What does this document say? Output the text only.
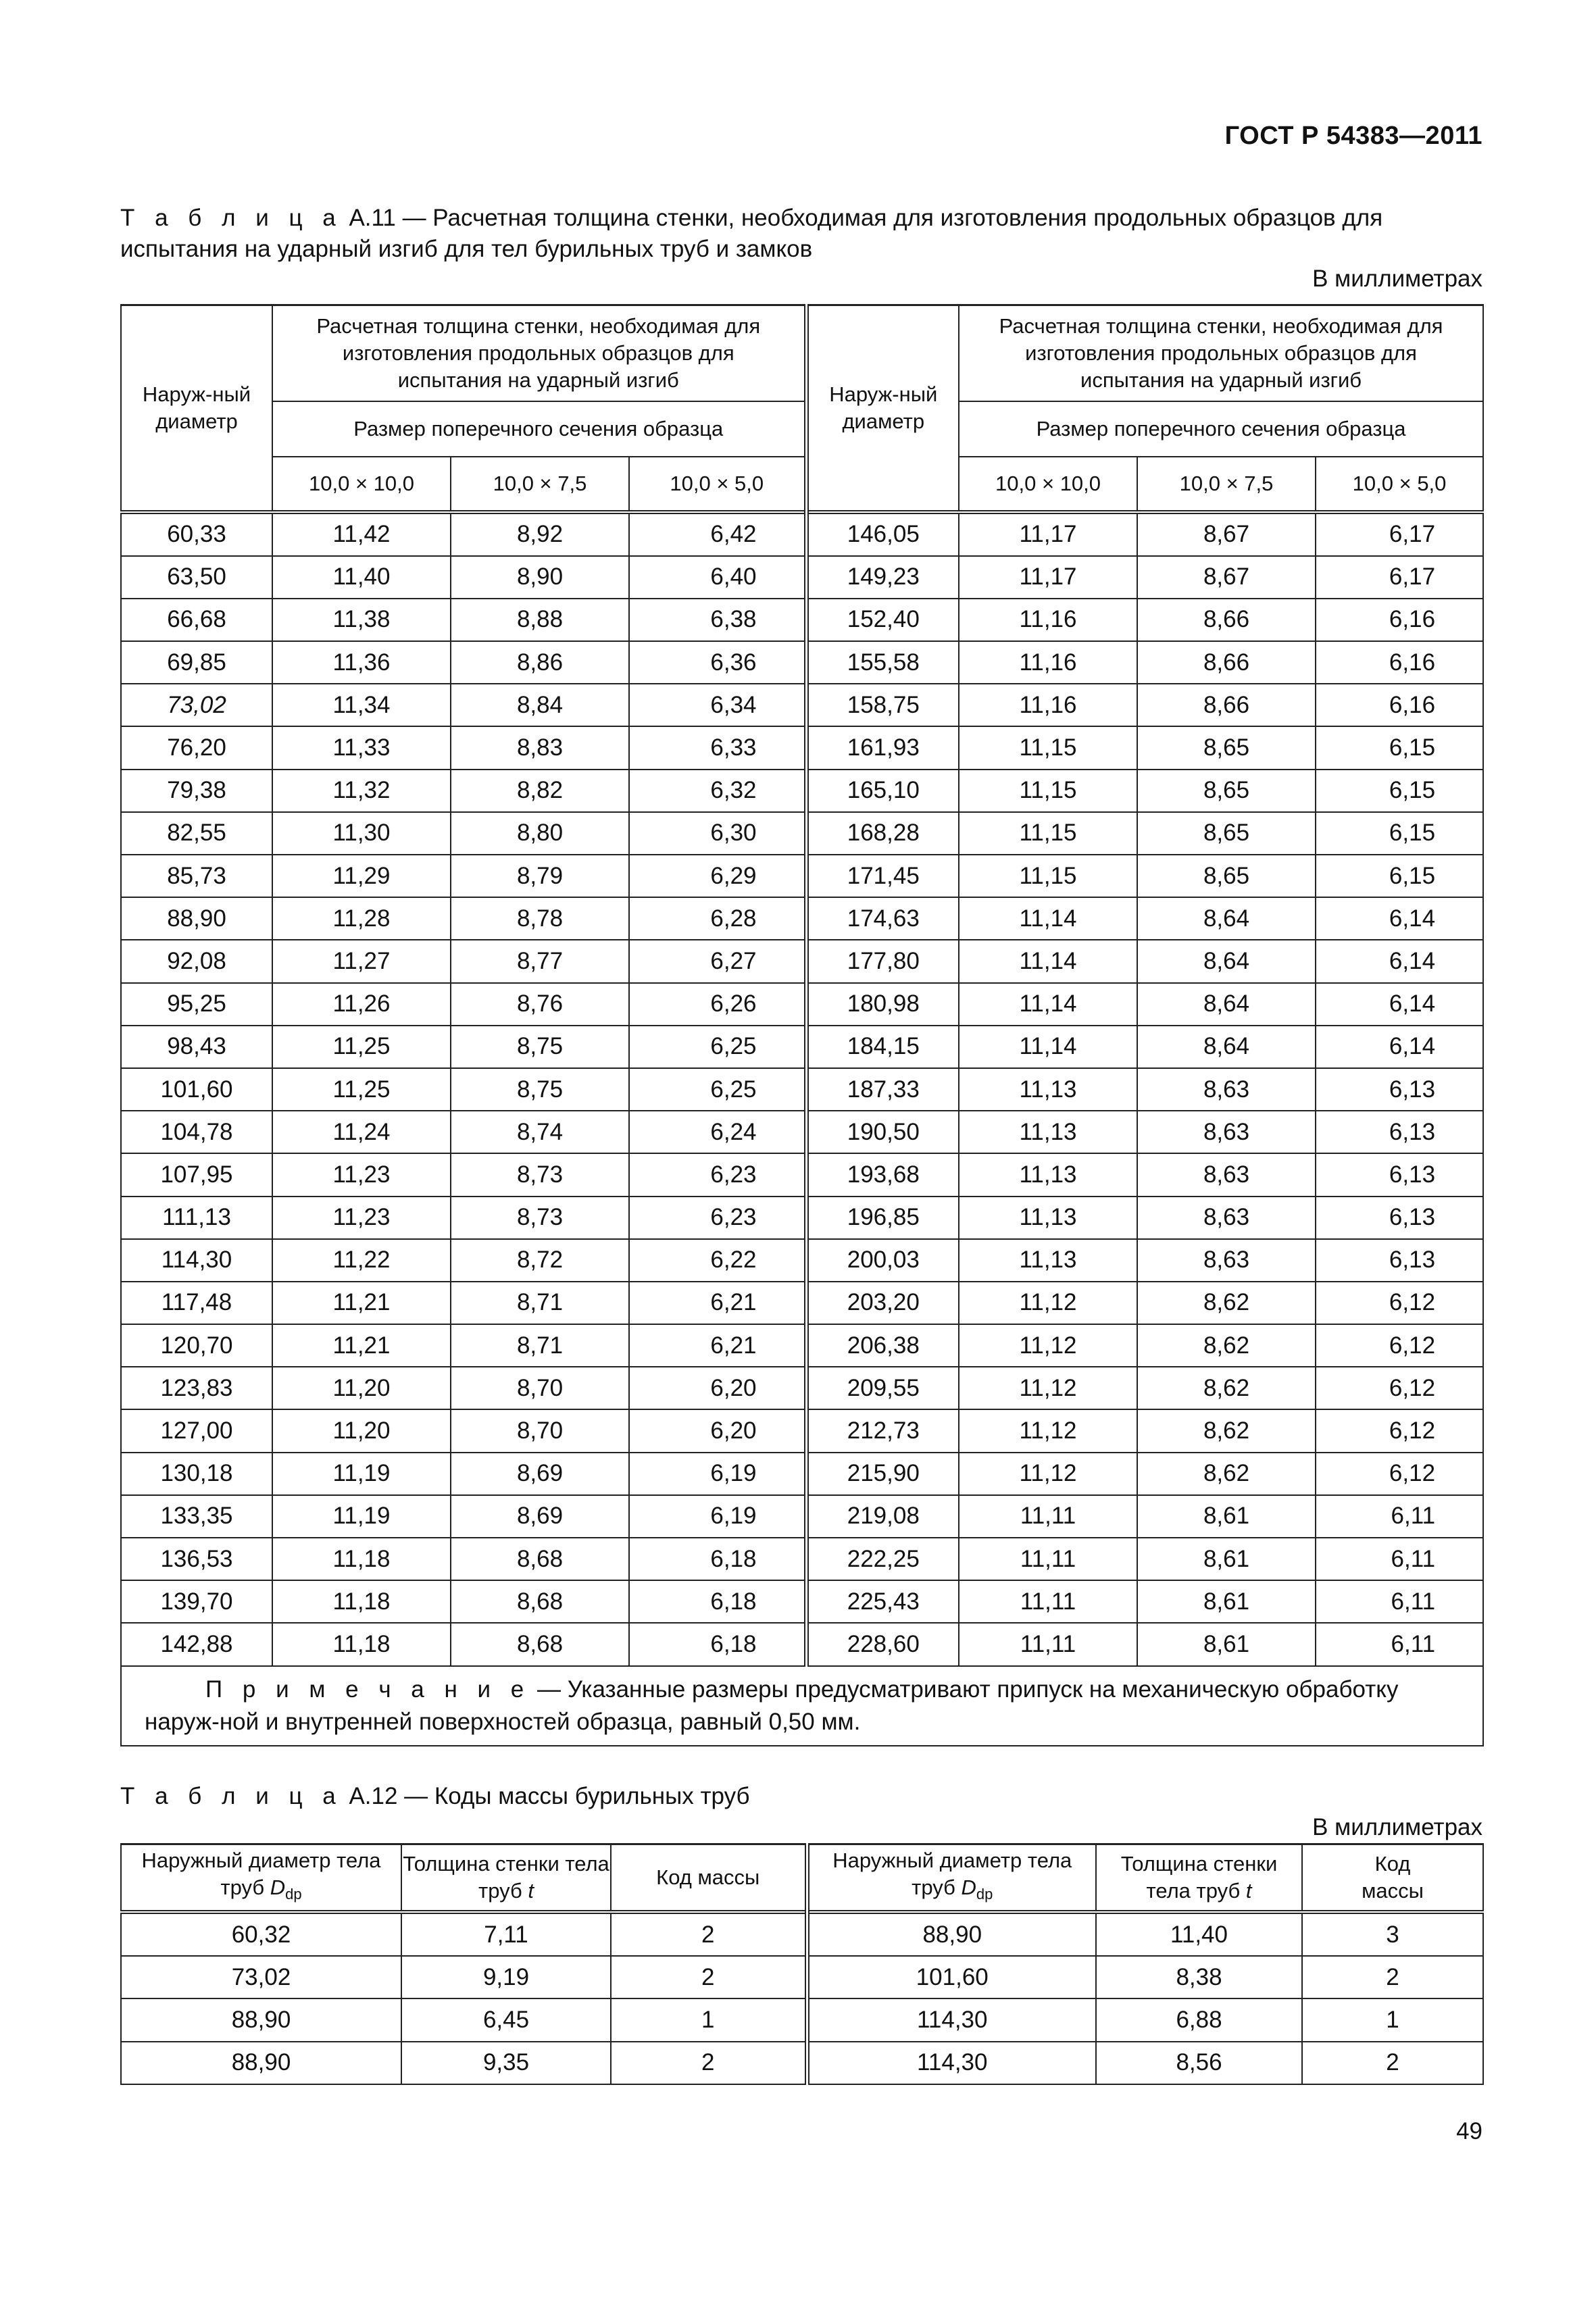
ГОСТ Р 54383—2011
Т а б л и ц а А.11 — Расчетная толщина стенки, необходимая для изготовления продольных образцов для испытания на ударный изгиб для тел бурильных труб и замков
В миллиметрах
Наруж-ный диаметр	Расчетная толщина стенки, необходимая для изготовления продольных образцов для испытания на ударный изгиб			Наруж-ный диаметр	Расчетная толщина стенки, необходимая для изготовления продольных образцов для испытания на ударный изгиб		
	Размер поперечного сечения образца				Размер поперечного сечения образца		
	10,0 × 10,0	10,0 × 7,5	10,0 × 5,0		10,0 × 10,0	10,0 × 7,5	10,0 × 5,0
60,33	11,42	8,92	6,42	146,05	11,17	8,67	6,17
63,50	11,40	8,90	6,40	149,23	11,17	8,67	6,17
66,68	11,38	8,88	6,38	152,40	11,16	8,66	6,16
69,85	11,36	8,86	6,36	155,58	11,16	8,66	6,16
73,02	11,34	8,84	6,34	158,75	11,16	8,66	6,16
76,20	11,33	8,83	6,33	161,93	11,15	8,65	6,15
79,38	11,32	8,82	6,32	165,10	11,15	8,65	6,15
82,55	11,30	8,80	6,30	168,28	11,15	8,65	6,15
85,73	11,29	8,79	6,29	171,45	11,15	8,65	6,15
88,90	11,28	8,78	6,28	174,63	11,14	8,64	6,14
92,08	11,27	8,77	6,27	177,80	11,14	8,64	6,14
95,25	11,26	8,76	6,26	180,98	11,14	8,64	6,14
98,43	11,25	8,75	6,25	184,15	11,14	8,64	6,14
101,60	11,25	8,75	6,25	187,33	11,13	8,63	6,13
104,78	11,24	8,74	6,24	190,50	11,13	8,63	6,13
107,95	11,23	8,73	6,23	193,68	11,13	8,63	6,13
111,13	11,23	8,73	6,23	196,85	11,13	8,63	6,13
114,30	11,22	8,72	6,22	200,03	11,13	8,63	6,13
117,48	11,21	8,71	6,21	203,20	11,12	8,62	6,12
120,70	11,21	8,71	6,21	206,38	11,12	8,62	6,12
123,83	11,20	8,70	6,20	209,55	11,12	8,62	6,12
127,00	11,20	8,70	6,20	212,73	11,12	8,62	6,12
130,18	11,19	8,69	6,19	215,90	11,12	8,62	6,12
133,35	11,19	8,69	6,19	219,08	11,11	8,61	6,11
136,53	11,18	8,68	6,18	222,25	11,11	8,61	6,11
139,70	11,18	8,68	6,18	225,43	11,11	8,61	6,11
142,88	11,18	8,68	6,18	228,60	11,11	8,61	6,11
П р и м е ч а н и е — Указанные размеры предусматривают припуск на механическую обработку наруж-ной и внутренней поверхностей образца, равный 0,50 мм.							
Т а б л и ц а А.12 — Коды массы бурильных труб
В миллиметрах
Наружный диаметр тела труб $D_{dp}$	Толщина стенки тела труб t	Код массы	Наружный диаметр тела труб $D_{dp}$	Толщина стенки тела труб t	Код массы
60,32	7,11	2	88,90	11,40	3
73,02	9,19	2	101,60	8,38	2
88,90	6,45	1	114,30	6,88	1
88,90	9,35	2	114,30	8,56	2
49
